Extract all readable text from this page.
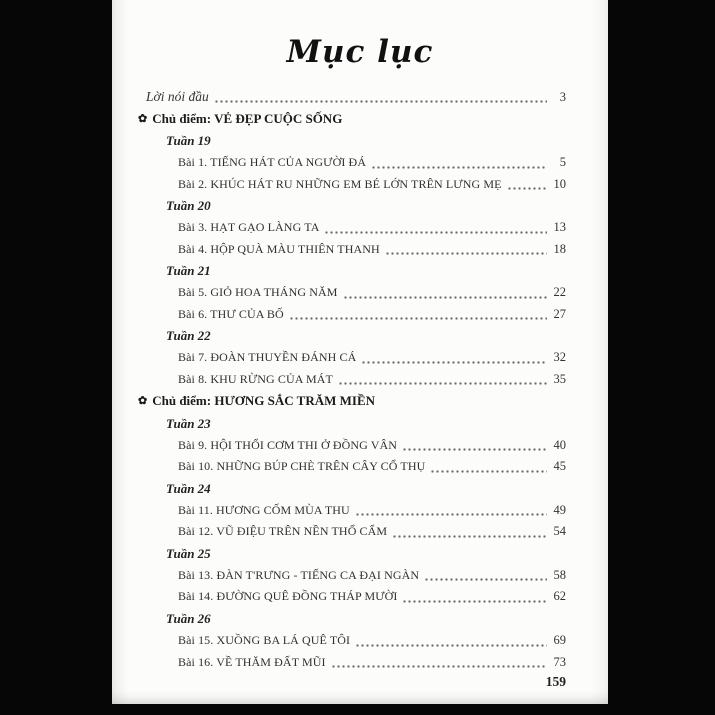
Mục lục
Lời nói đầu	3
✿ Chủ điểm: VẺ ĐẸP CUỘC SỐNG
Tuần 19
Bài 1. TIẾNG HÁT CỦA NGƯỜI ĐÁ	5
Bài 2. KHÚC HÁT RU NHỮNG EM BÉ LỚN TRÊN LƯNG MẸ	10
Tuần 20
Bài 3. HẠT GẠO LÀNG TA	13
Bài 4. HỘP QUÀ MÀU THIÊN THANH	18
Tuần 21
Bài 5. GIỎ HOA THÁNG NĂM	22
Bài 6. THƯ CỦA BỐ	27
Tuần 22
Bài 7. ĐOÀN THUYỀN ĐÁNH CÁ	32
Bài 8. KHU RỪNG CỦA MÁT	35
✿ Chủ điểm: HƯƠNG SẮC TRĂM MIỀN
Tuần 23
Bài 9. HỘI THỔI CƠM THI Ở ĐỒNG VÂN	40
Bài 10. NHỮNG BÚP CHÈ TRÊN CÂY CỔ THỤ	45
Tuần 24
Bài 11. HƯƠNG CỐM MÙA THU	49
Bài 12. VŨ ĐIỆU TRÊN NỀN THỔ CẨM	54
Tuần 25
Bài 13. ĐÀN T'RƯNG - TIẾNG CA ĐẠI NGÀN	58
Bài 14. ĐƯỜNG QUÊ ĐỒNG THÁP MƯỜI	62
Tuần 26
Bài 15. XUỒNG BA LÁ QUÊ TÔI	69
Bài 16. VỀ THĂM ĐẤT MŨI	73
159
